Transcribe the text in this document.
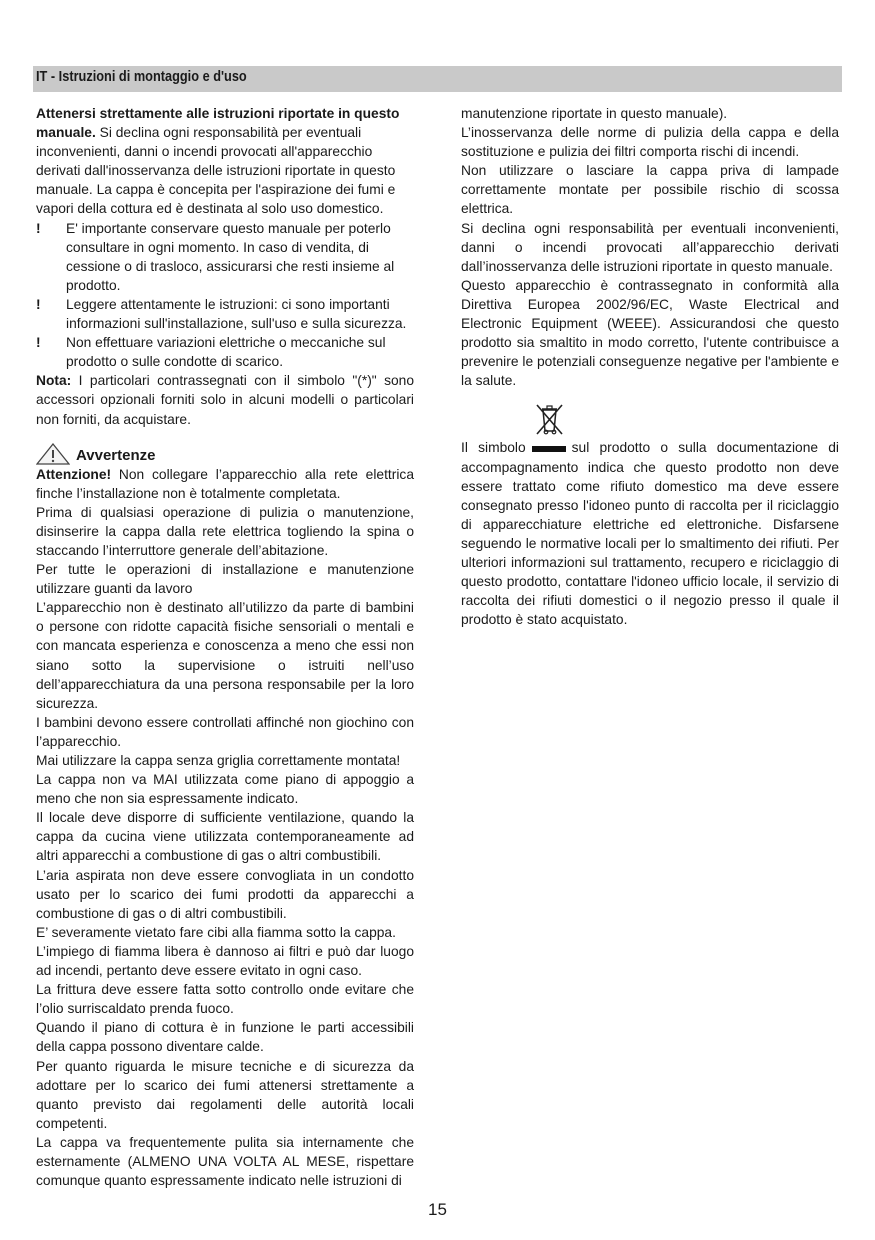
IT - Istruzioni di montaggio e d'uso

Attenersi strettamente alle istruzioni riportate in questo manuale. Si declina ogni responsabilità per eventuali inconvenienti, danni o incendi provocati all'apparecchio derivati dall'inosservanza delle istruzioni riportate in questo manuale. La cappa è concepita per l'aspirazione dei fumi e vapori della cottura ed è destinata al solo uso domestico.

!	E' importante conservare questo manuale per poterlo consultare in ogni momento. In caso di vendita, di cessione o di trasloco, assicurarsi che resti insieme al prodotto.
!	Leggere attentamente le istruzioni: ci sono importanti informazioni sull'installazione, sull'uso e sulla sicurezza.
!	Non effettuare variazioni elettriche o meccaniche sul prodotto o sulle condotte di scarico.

Nota: I particolari contrassegnati con il simbolo "(*)" sono accessori opzionali forniti solo in alcuni modelli o particolari non forniti, da acquistare.

Avvertenze

Attenzione! Non collegare l’apparecchio alla rete elettrica finche l’installazione non è totalmente completata.

Prima di qualsiasi operazione di pulizia o manutenzione, disinserire la cappa dalla rete elettrica togliendo la spina o staccando l’interruttore generale dell’abitazione.

Per tutte le operazioni di installazione e manutenzione utilizzare guanti da lavoro

L’apparecchio non è destinato all’utilizzo da parte di bambini o persone con ridotte capacità fisiche sensoriali o mentali e con mancata esperienza e conoscenza a meno che essi non siano sotto la supervisione o istruiti nell’uso dell’apparecchiatura da una persona responsabile per la loro sicurezza.

I bambini devono essere controllati affinché non giochino con l’apparecchio.

Mai utilizzare la cappa senza griglia correttamente montata!

La cappa non va MAI utilizzata come piano di appoggio a meno che non sia espressamente indicato.

Il locale deve disporre di sufficiente ventilazione, quando la cappa da cucina viene utilizzata contemporaneamente ad altri apparecchi a combustione di gas o altri combustibili.

L’aria aspirata non deve essere convogliata in un condotto usato per lo scarico dei fumi prodotti da apparecchi a combustione di gas o di altri combustibili.

E’ severamente vietato fare cibi alla fiamma sotto la cappa.

L’impiego di fiamma libera è dannoso ai filtri e può dar luogo ad incendi, pertanto deve essere evitato in ogni caso.

La frittura deve essere fatta sotto controllo onde evitare che l’olio surriscaldato prenda fuoco.

Quando il piano di cottura è in funzione le parti accessibili della cappa possono diventare calde.

Per quanto riguarda le misure tecniche e di sicurezza da adottare per lo scarico dei fumi attenersi strettamente a quanto previsto dai regolamenti delle autorità locali competenti.

La cappa va frequentemente pulita sia internamente che esternamente (ALMENO UNA VOLTA AL MESE, rispettare comunque quanto espressamente indicato nelle istruzioni di

manutenzione riportate in questo manuale).

L’inosservanza delle norme di pulizia della cappa e della sostituzione e pulizia dei filtri comporta rischi di incendi.

Non utilizzare o lasciare la cappa priva di lampade correttamente montate per possibile rischio di scossa elettrica.

Si declina ogni responsabilità per eventuali inconvenienti, danni o incendi provocati all’apparecchio derivati dall’inosservanza delle istruzioni riportate in questo manuale.

Questo apparecchio è contrassegnato in conformità alla Direttiva Europea 2002/96/EC, Waste Electrical and Electronic Equipment (WEEE). Assicurandosi che questo prodotto sia smaltito in modo corretto, l'utente contribuisce a prevenire le potenziali conseguenze negative per l'ambiente e la salute.

Il simbolo	sul prodotto o sulla documentazione di accompagnamento indica che questo prodotto non deve essere trattato come rifiuto domestico ma deve essere consegnato presso l'idoneo punto di raccolta per il riciclaggio di apparecchiature elettriche ed elettroniche. Disfarsene seguendo le normative locali per lo smaltimento dei rifiuti. Per ulteriori informazioni sul trattamento, recupero e riciclaggio di questo prodotto, contattare l'idoneo ufficio locale, il servizio di raccolta dei rifiuti domestici o il negozio presso il quale il prodotto è stato acquistato.

15
